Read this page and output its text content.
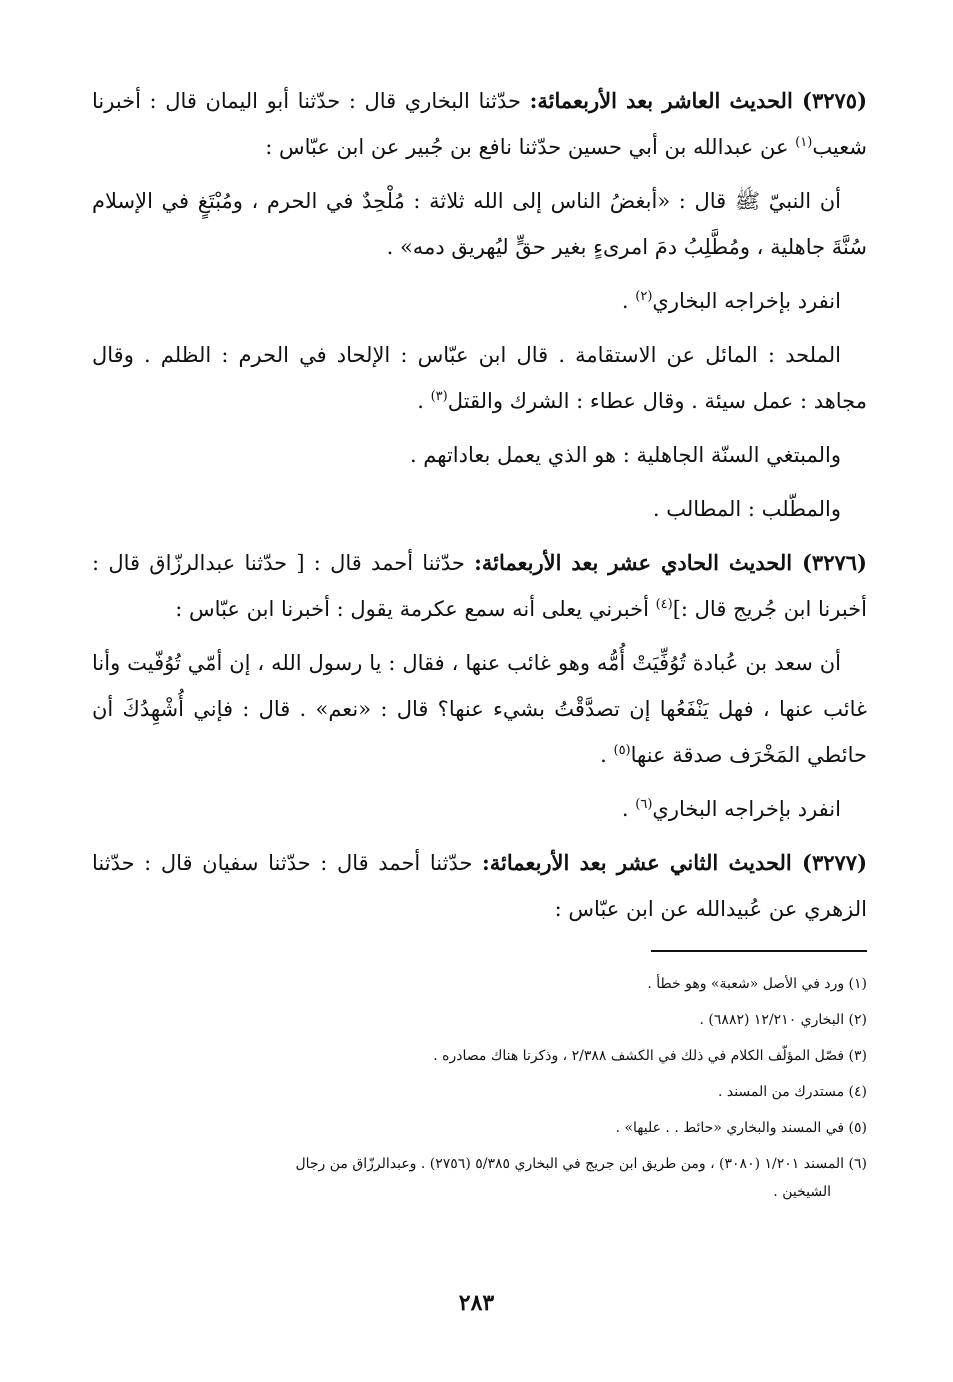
(٣٢٧٥) الحديث العاشر بعد الأربعمائة: حدّثنا البخاري قال : حدّثنا أبو اليمان قال : أخبرنا شعيب$^{(١)}$ عن عبدالله بن أبي حسين حدّثنا نافع بن جُبير عن ابن عبّاس :

أن النبيّ ﷺ قال : «أبغضُ الناس إلى الله ثلاثة : مُلْحِدٌ في الحرم ، ومُبْتَغٍ في الإسلام سُنَّةَ جاهلية ، ومُطَّلِبُ دمَ امرىءٍ بغير حقٍّ ليُهريق دمه» .

انفرد بإخراجه البخاري$^{(٢)}$ .

الملحد : المائل عن الاستقامة . قال ابن عبّاس : الإلحاد في الحرم : الظلم . وقال مجاهد : عمل سيئة . وقال عطاء : الشرك والقتل$^{(٣)}$ .

والمبتغي السنّة الجاهلية : هو الذي يعمل بعاداتهم .

والمطّلب : المطالب .

(٣٢٧٦) الحديث الحادي عشر بعد الأربعمائة: حدّثنا أحمد قال : [ حدّثنا عبدالرزّاق قال : أخبرنا ابن جُريج قال :]$^{(٤)}$ أخبرني يعلى أنه سمع عكرمة يقول : أخبرنا ابن عبّاس :

أن سعد بن عُبادة تُوُفِّيَتْ أُمُّه وهو غائب عنها ، فقال : يا رسول الله ، إن أمّي تُوُفّيت وأنا غائب عنها ، فهل يَنْفَعُها إن تصدَّقْتُ بشيء عنها؟ قال : «نعم» . قال : فإني أُشْهِدُكَ أن حائطي المَخْرَف صدقة عنها$^{(٥)}$ .

انفرد بإخراجه البخاري$^{(٦)}$ .

(٣٢٧٧) الحديث الثاني عشر بعد الأربعمائة: حدّثنا أحمد قال : حدّثنا سفيان قال : حدّثنا الزهري عن عُبيدالله عن ابن عبّاس :

(١) ورد في الأصل «شعبة» وهو خطأ .

(٢) البخاري ١٢/٢١٠ (٦٨٨٢) .

(٣) فصّل المؤلّف الكلام في ذلك في الكشف ٢/٣٨٨ ، وذكرنا هناك مصادره .

(٤) مستدرك من المسند .

(٥) في المسند والبخاري «حائط . . عليها» .

(٦) المسند ١/٢٠١ (٣٠٨٠) ، ومن طريق ابن جريج في البخاري ٥/٣٨٥ (٢٧٥٦) . وعبدالرزّاق من رجال

الشيخين .

٢٨٣
